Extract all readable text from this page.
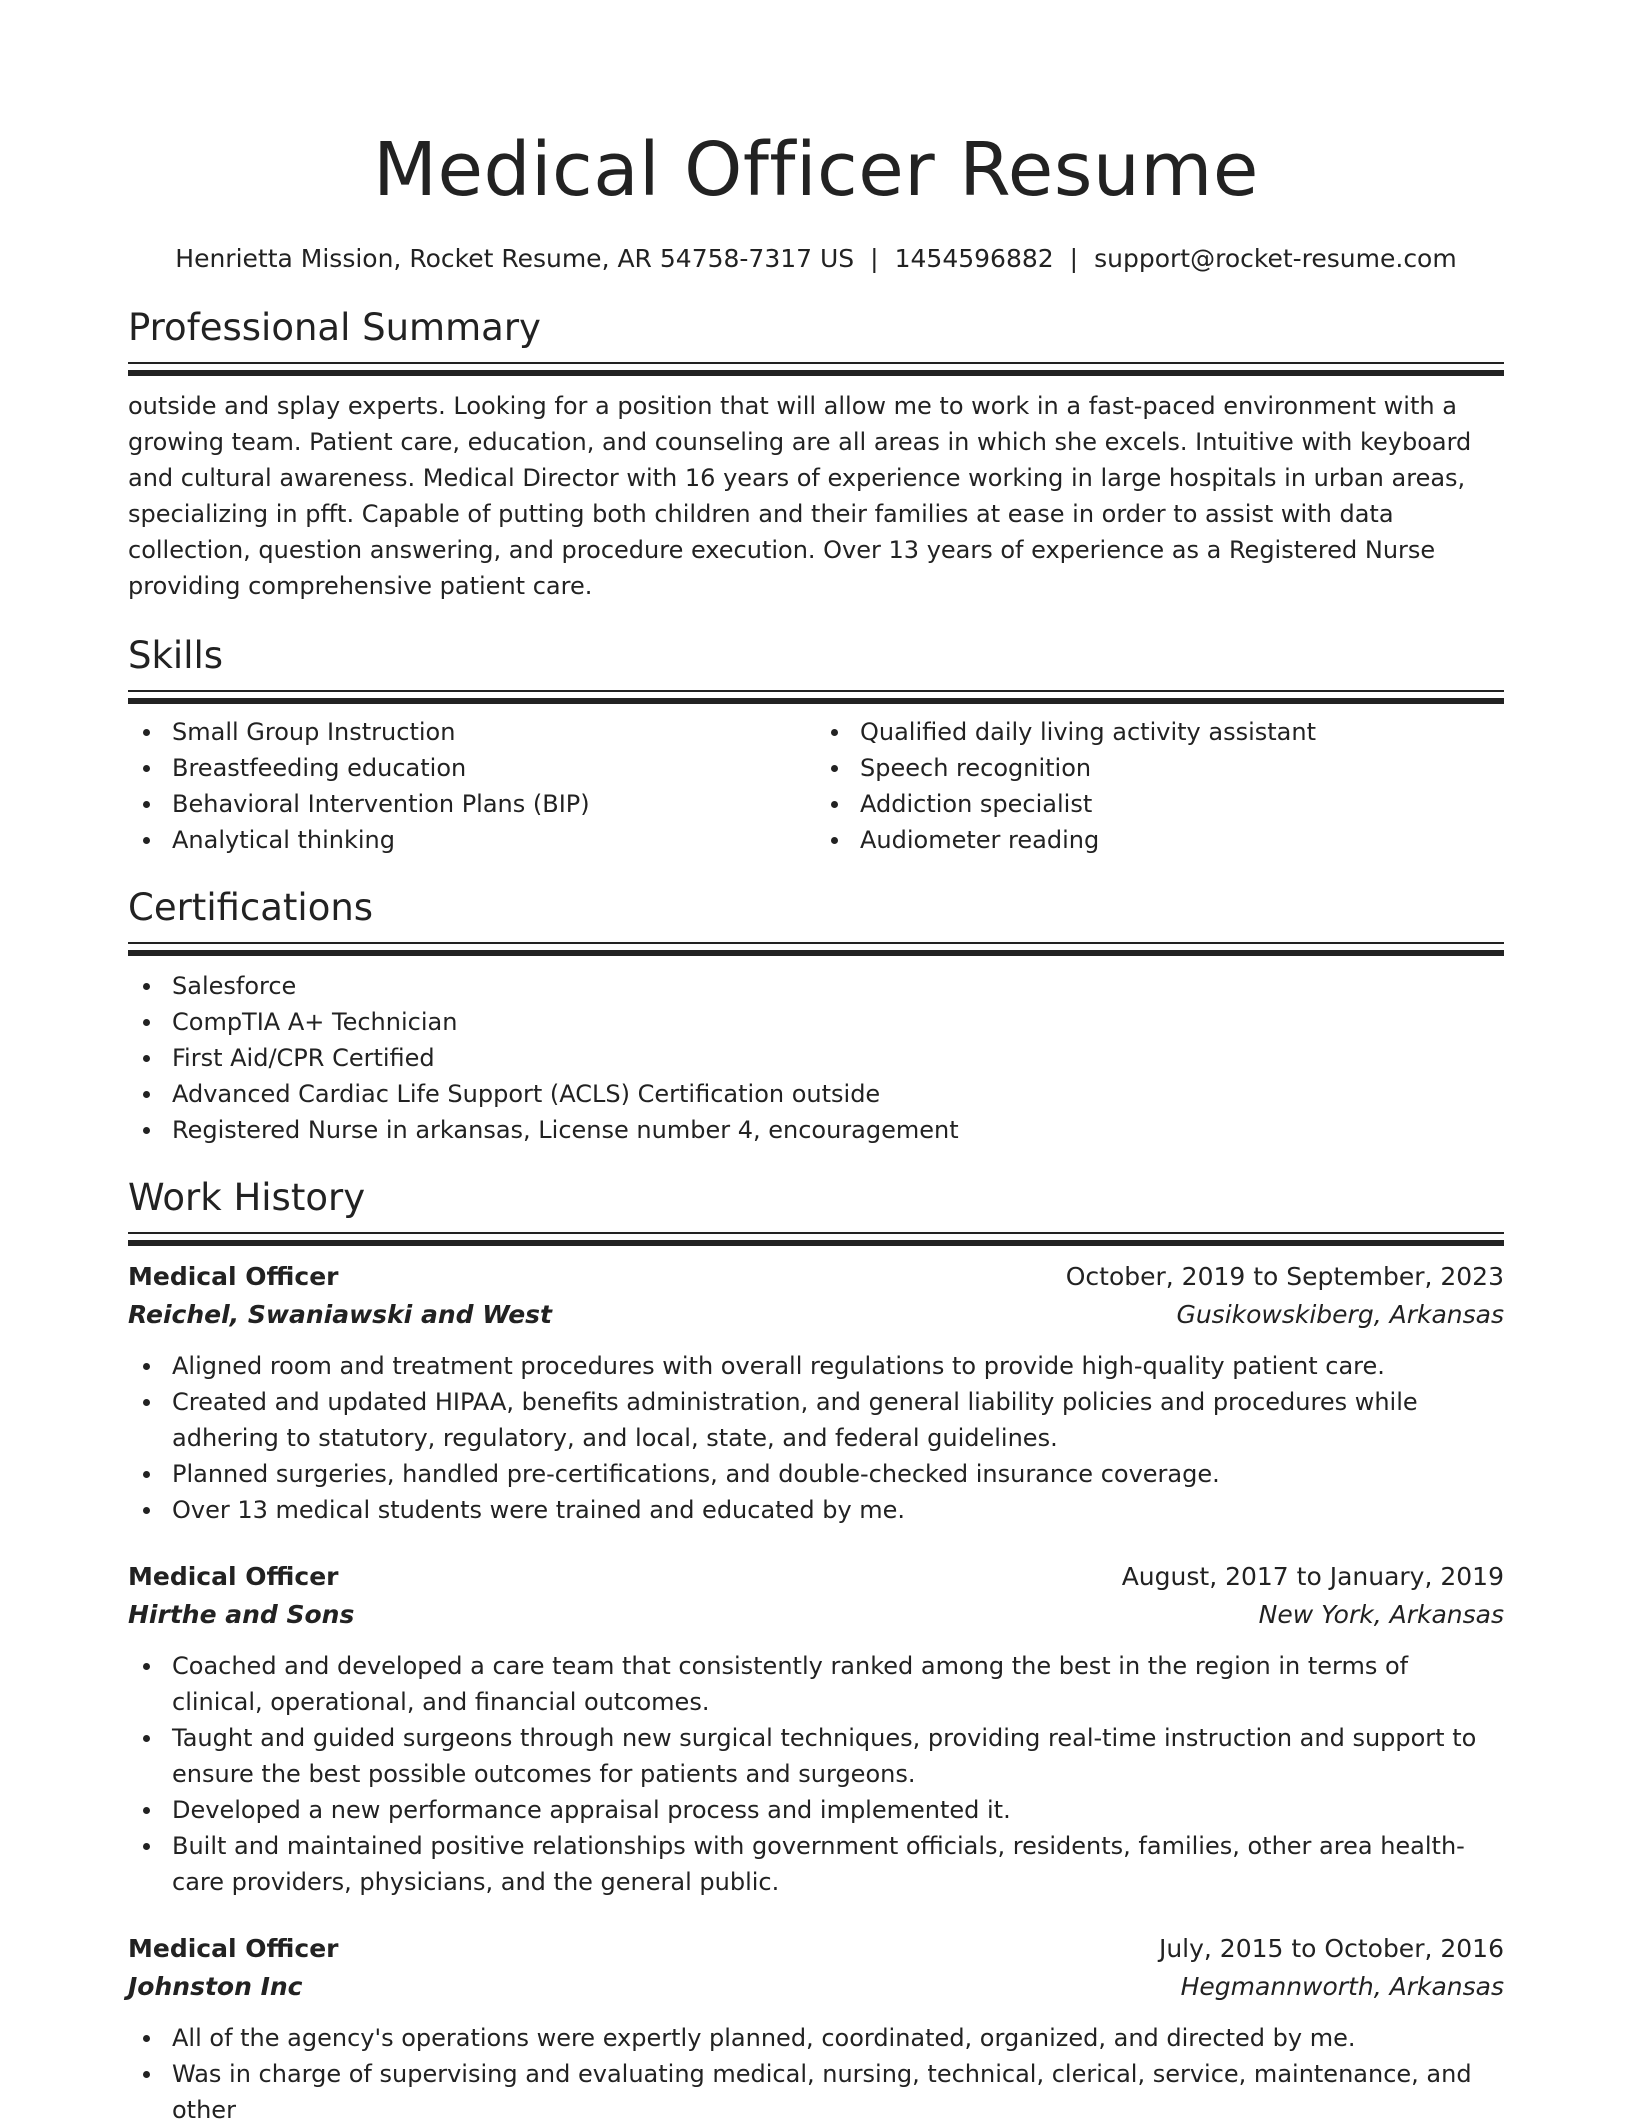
Medical Officer Resume
Henrietta Mission, Rocket Resume, AR 54758-7317 US | 1454596882 | support@rocket-resume.com
Professional Summary

outside and splay experts. Looking for a position that will allow me to work in a fast-paced environment with a growing team. Patient care, education, and counseling are all areas in which she excels. Intuitive with keyboard and cultural awareness. Medical Director with 16 years of experience working in large hospitals in urban areas, specializing in pfft. Capable of putting both children and their families at ease in order to assist with data collection, question answering, and procedure execution. Over 13 years of experience as a Registered Nurse providing comprehensive patient care.

Skills
Small Group Instruction
Breastfeeding education
Behavioral Intervention Plans (BIP)
Analytical thinking
Qualified daily living activity assistant
Speech recognition
Addiction specialist
Audiometer reading
Certifications
Salesforce
CompTIA A+ Technician
First Aid/CPR Certified
Advanced Cardiac Life Support (ACLS) Certification outside
Registered Nurse in arkansas, License number 4, encouragement
Work History
Medical Officer	October, 2019 to September, 2023
Reichel, Swaniawski and West	Gusikowskiberg, Arkansas
Aligned room and treatment procedures with overall regulations to provide high-quality patient care.
Created and updated HIPAA, benefits administration, and general liability policies and procedures while adhering to statutory, regulatory, and local, state, and federal guidelines.
Planned surgeries, handled pre-certifications, and double-checked insurance coverage.
Over 13 medical students were trained and educated by me.
Medical Officer	August, 2017 to January, 2019
Hirthe and Sons	New York, Arkansas
Coached and developed a care team that consistently ranked among the best in the region in terms of clinical, operational, and financial outcomes.
Taught and guided surgeons through new surgical techniques, providing real-time instruction and support to ensure the best possible outcomes for patients and surgeons.
Developed a new performance appraisal process and implemented it.
Built and maintained positive relationships with government officials, residents, families, other area health-care providers, physicians, and the general public.
Medical Officer	July, 2015 to October, 2016
Johnston Inc	Hegmannworth, Arkansas
All of the agency's operations were expertly planned, coordinated, organized, and directed by me.
Was in charge of supervising and evaluating medical, nursing, technical, clerical, service, maintenance, and other
